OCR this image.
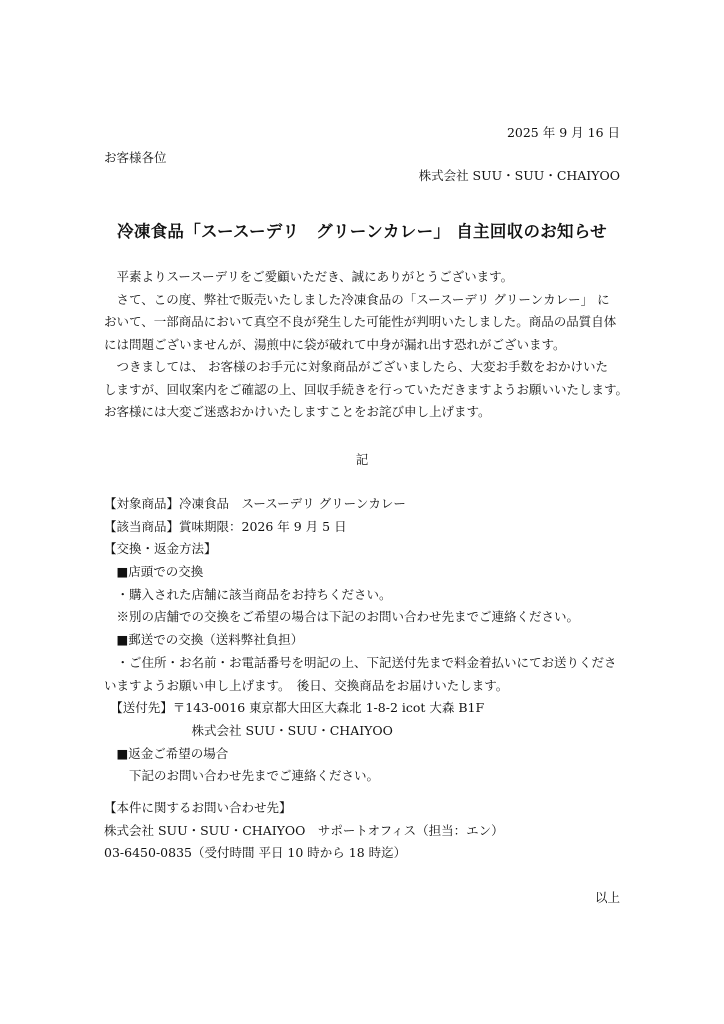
2025 年 9 月 16 日
お客様各位
株式会社 SUU・SUU・CHAIYOO
冷凍食品「スースーデリ　グリーンカレー」 自主回収のお知らせ
　平素よりスースーデリをご愛顧いただき、誠にありがとうございます。
　さて、この度、弊社で販売いたしました冷凍食品の「スースーデリ グリーンカレー」 に
おいて、一部商品において真空不良が発生した可能性が判明いたしました。商品の品質自体
には問題ございませんが、湯煎中に袋が破れて中身が漏れ出す恐れがございます。
　つきましては、 お客様のお手元に対象商品がございましたら、大変お手数をおかけいた
しますが、回収案内をご確認の上、回収手続きを行っていただきますようお願いいたします。
お客様には大変ご迷惑おかけいたしますことをお詫び申し上げます。
記
【対象商品】冷凍食品　スースーデリ グリーンカレー
【該当商品】賞味期限：2026 年 9 月 5 日
【交換・返金方法】
　■店頭での交換
　・購入された店舗に該当商品をお持ちください。
　※別の店舗での交換をご希望の場合は下記のお問い合わせ先までご連絡ください。
　■郵送での交換（送料弊社負担）
　・ご住所・お名前・お電話番号を明記の上、下記送付先まで料金着払いにてお送りくださ
いますようお願い申し上げます。　後日、交換商品をお届けいたします。
　【送付先】〒143-0016 東京都大田区大森北 1-8-2 icot 大森 B1F
　　　　　　　株式会社 SUU・SUU・CHAIYOO
　■返金ご希望の場合
　　下記のお問い合わせ先までご連絡ください。
【本件に関するお問い合わせ先】
株式会社 SUU・SUU・CHAIYOO　サポートオフィス（担当：エン）
03-6450-0835（受付時間 平日 10 時から 18 時迄）
以上
